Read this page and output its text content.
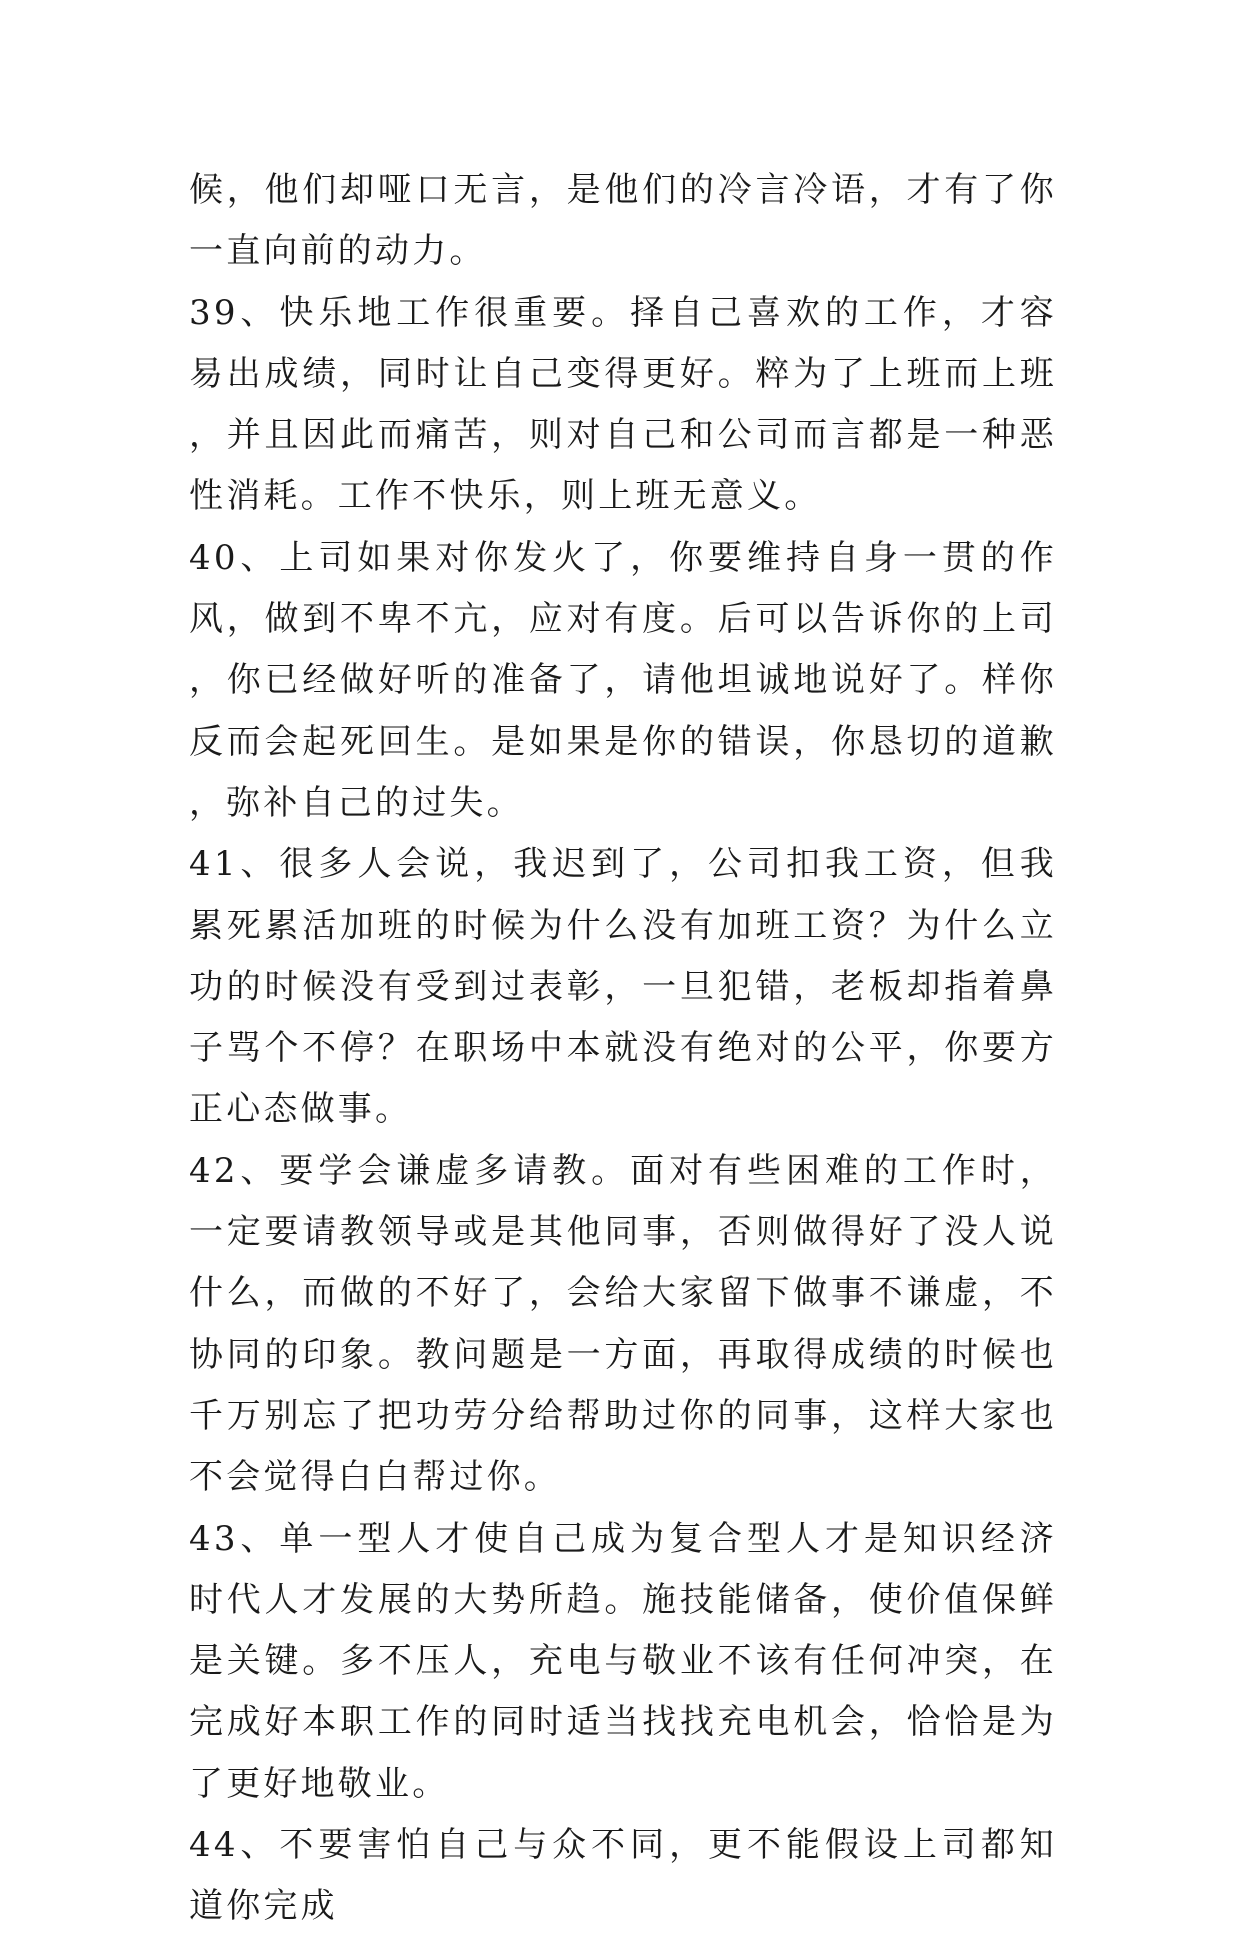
候，他们却哑口无言，是他们的冷言冷语，才有了你一直向前的动力。

39、快乐地工作很重要。择自己喜欢的工作，才容易出成绩，同时让自己变得更好。粹为了上班而上班，并且因此而痛苦，则对自己和公司而言都是一种恶性消耗。工作不快乐，则上班无意义。

40、上司如果对你发火了，你要维持自身一贯的作风，做到不卑不亢，应对有度。后可以告诉你的上司，你已经做好听的准备了，请他坦诚地说好了。样你反而会起死回生。是如果是你的错误，你恳切的道歉，弥补自己的过失。

41、很多人会说，我迟到了，公司扣我工资，但我累死累活加班的时候为什么没有加班工资？为什么立功的时候没有受到过表彰，一旦犯错，老板却指着鼻子骂个不停？在职场中本就没有绝对的公平，你要方正心态做事。

42、要学会谦虚多请教。面对有些困难的工作时，一定要请教领导或是其他同事，否则做得好了没人说什么，而做的不好了，会给大家留下做事不谦虚，不协同的印象。教问题是一方面，再取得成绩的时候也千万别忘了把功劳分给帮助过你的同事，这样大家也不会觉得白白帮过你。

43、单一型人才使自己成为复合型人才是知识经济时代人才发展的大势所趋。施技能储备，使价值保鲜是关键。多不压人，充电与敬业不该有任何冲突，在完成好本职工作的同时适当找找充电机会，恰恰是为了更好地敬业。

44、不要害怕自己与众不同，更不能假设上司都知道你完成
